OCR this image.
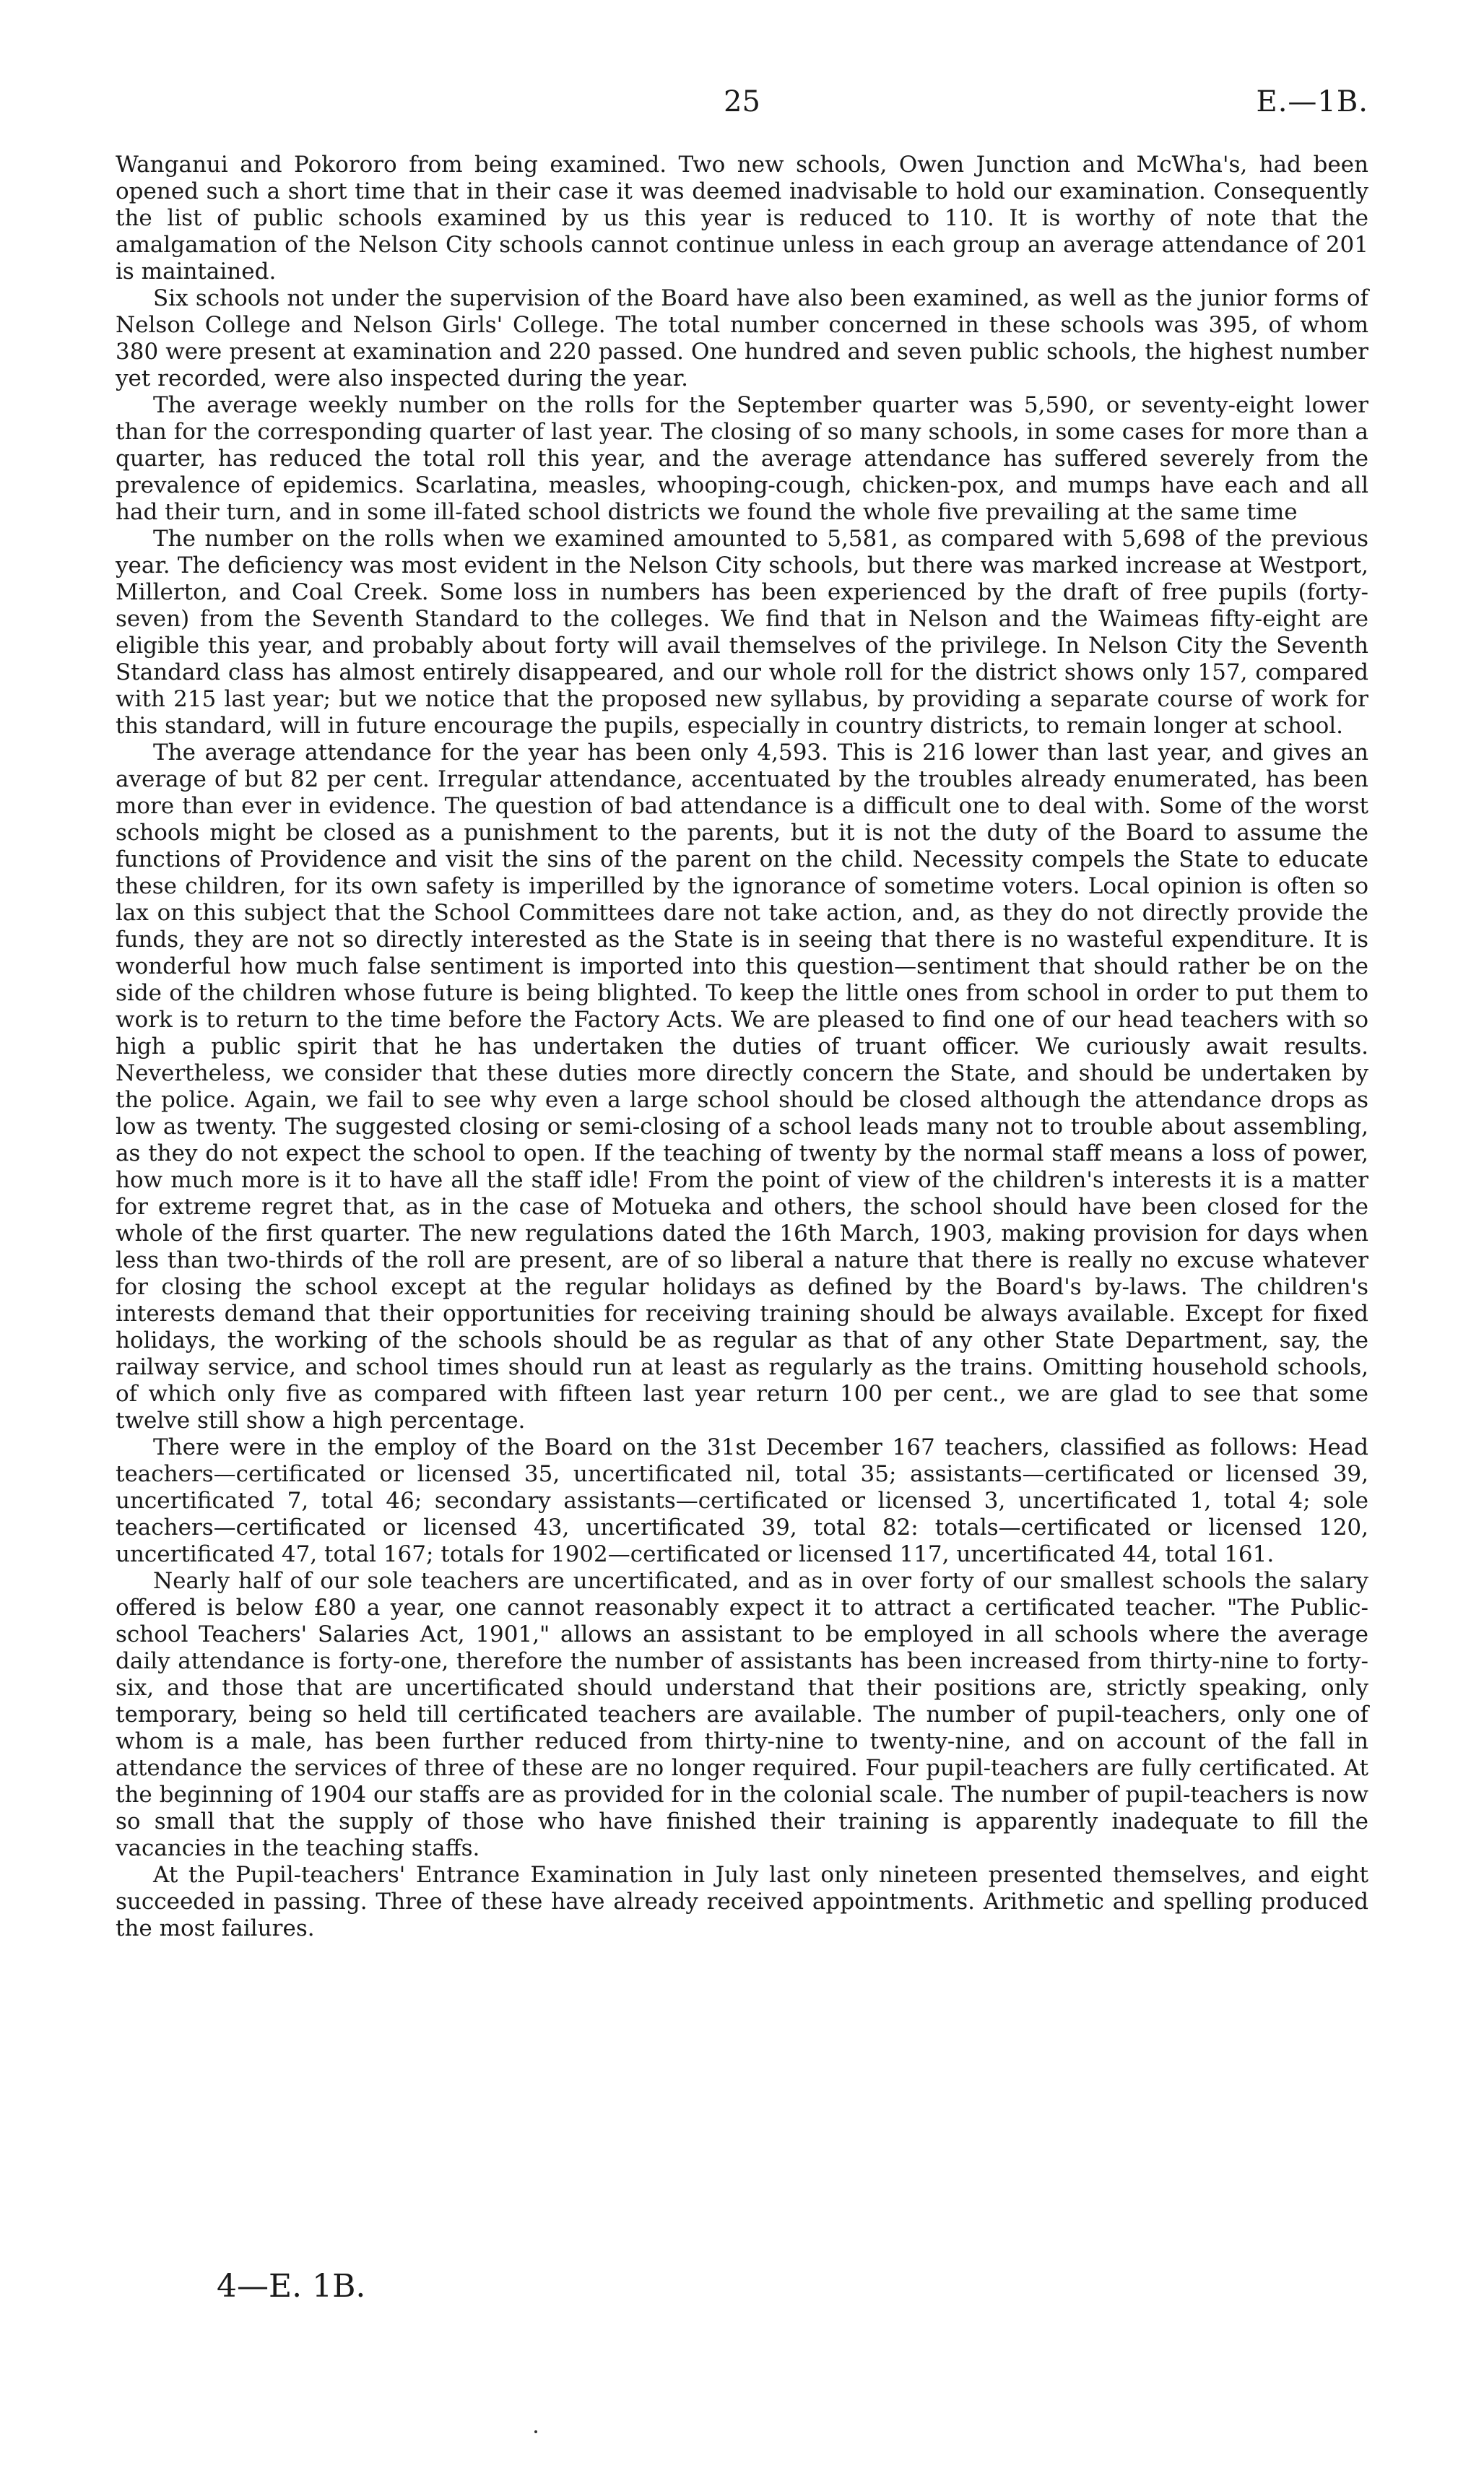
25	E.—1B.

Wanganui and Pokororo from being examined. Two new schools, Owen Junction and McWha's, had been opened such a short time that in their case it was deemed inadvisable to hold our examination. Consequently the list of public schools examined by us this year is reduced to 110. It is worthy of note that the amalgamation of the Nelson City schools cannot continue unless in each group an average attendance of 201 is maintained.

Six schools not under the supervision of the Board have also been examined, as well as the junior forms of Nelson College and Nelson Girls' College. The total number concerned in these schools was 395, of whom 380 were present at examination and 220 passed. One hundred and seven public schools, the highest number yet recorded, were also inspected during the year.

The average weekly number on the rolls for the September quarter was 5,590, or seventy-eight lower than for the corresponding quarter of last year. The closing of so many schools, in some cases for more than a quarter, has reduced the total roll this year, and the average attendance has suffered severely from the prevalence of epidemics. Scarlatina, measles, whooping-cough, chicken-pox, and mumps have each and all had their turn, and in some ill-fated school districts we found the whole five prevailing at the same time

The number on the rolls when we examined amounted to 5,581, as compared with 5,698 of the previous year. The deficiency was most evident in the Nelson City schools, but there was marked increase at Westport, Millerton, and Coal Creek. Some loss in numbers has been experienced by the draft of free pupils (forty-seven) from the Seventh Standard to the colleges. We find that in Nelson and the Waimeas fifty-eight are eligible this year, and probably about forty will avail themselves of the privilege. In Nelson City the Seventh Standard class has almost entirely disappeared, and our whole roll for the district shows only 157, compared with 215 last year; but we notice that the proposed new syllabus, by providing a separate course of work for this standard, will in future encourage the pupils, especially in country districts, to remain longer at school.

The average attendance for the year has been only 4,593. This is 216 lower than last year, and gives an average of but 82 per cent. Irregular attendance, accentuated by the troubles already enumerated, has been more than ever in evidence. The question of bad attendance is a difficult one to deal with. Some of the worst schools might be closed as a punishment to the parents, but it is not the duty of the Board to assume the functions of Providence and visit the sins of the parent on the child. Necessity compels the State to educate these children, for its own safety is imperilled by the ignorance of sometime voters. Local opinion is often so lax on this subject that the School Committees dare not take action, and, as they do not directly provide the funds, they are not so directly interested as the State is in seeing that there is no wasteful expenditure. It is wonderful how much false sentiment is imported into this question—sentiment that should rather be on the side of the children whose future is being blighted. To keep the little ones from school in order to put them to work is to return to the time before the Factory Acts. We are pleased to find one of our head teachers with so high a public spirit that he has undertaken the duties of truant officer. We curiously await results. Nevertheless, we consider that these duties more directly concern the State, and should be undertaken by the police. Again, we fail to see why even a large school should be closed although the attendance drops as low as twenty. The suggested closing or semi-closing of a school leads many not to trouble about assembling, as they do not expect the school to open. If the teaching of twenty by the normal staff means a loss of power, how much more is it to have all the staff idle! From the point of view of the children's interests it is a matter for extreme regret that, as in the case of Motueka and others, the school should have been closed for the whole of the first quarter. The new regulations dated the 16th March, 1903, making provision for days when less than two-thirds of the roll are present, are of so liberal a nature that there is really no excuse whatever for closing the school except at the regular holidays as defined by the Board's by-laws. The children's interests demand that their opportunities for receiving training should be always available. Except for fixed holidays, the working of the schools should be as regular as that of any other State Department, say, the railway service, and school times should run at least as regularly as the trains. Omitting household schools, of which only five as compared with fifteen last year return 100 per cent., we are glad to see that some twelve still show a high percentage.

There were in the employ of the Board on the 31st December 167 teachers, classified as follows: Head teachers—certificated or licensed 35, uncertificated nil, total 35; assistants—certificated or licensed 39, uncertificated 7, total 46; secondary assistants—certificated or licensed 3, uncertificated 1, total 4; sole teachers—certificated or licensed 43, uncertificated 39, total 82: totals—certificated or licensed 120, uncertificated 47, total 167; totals for 1902—certificated or licensed 117, uncertificated 44, total 161.

Nearly half of our sole teachers are uncertificated, and as in over forty of our smallest schools the salary offered is below £80 a year, one cannot reasonably expect it to attract a certificated teacher. "The Public-school Teachers' Salaries Act, 1901," allows an assistant to be employed in all schools where the average daily attendance is forty-one, therefore the number of assistants has been increased from thirty-nine to forty-six, and those that are uncertificated should understand that their positions are, strictly speaking, only temporary, being so held till certificated teachers are available. The number of pupil-teachers, only one of whom is a male, has been further reduced from thirty-nine to twenty-nine, and on account of the fall in attendance the services of three of these are no longer required. Four pupil-teachers are fully certificated. At the beginning of 1904 our staffs are as provided for in the colonial scale. The number of pupil-teachers is now so small that the supply of those who have finished their training is apparently inadequate to fill the vacancies in the teaching staffs.

At the Pupil-teachers' Entrance Examination in July last only nineteen presented themselves, and eight succeeded in passing. Three of these have already received appointments. Arithmetic and spelling produced the most failures.

4—E. 1B.
